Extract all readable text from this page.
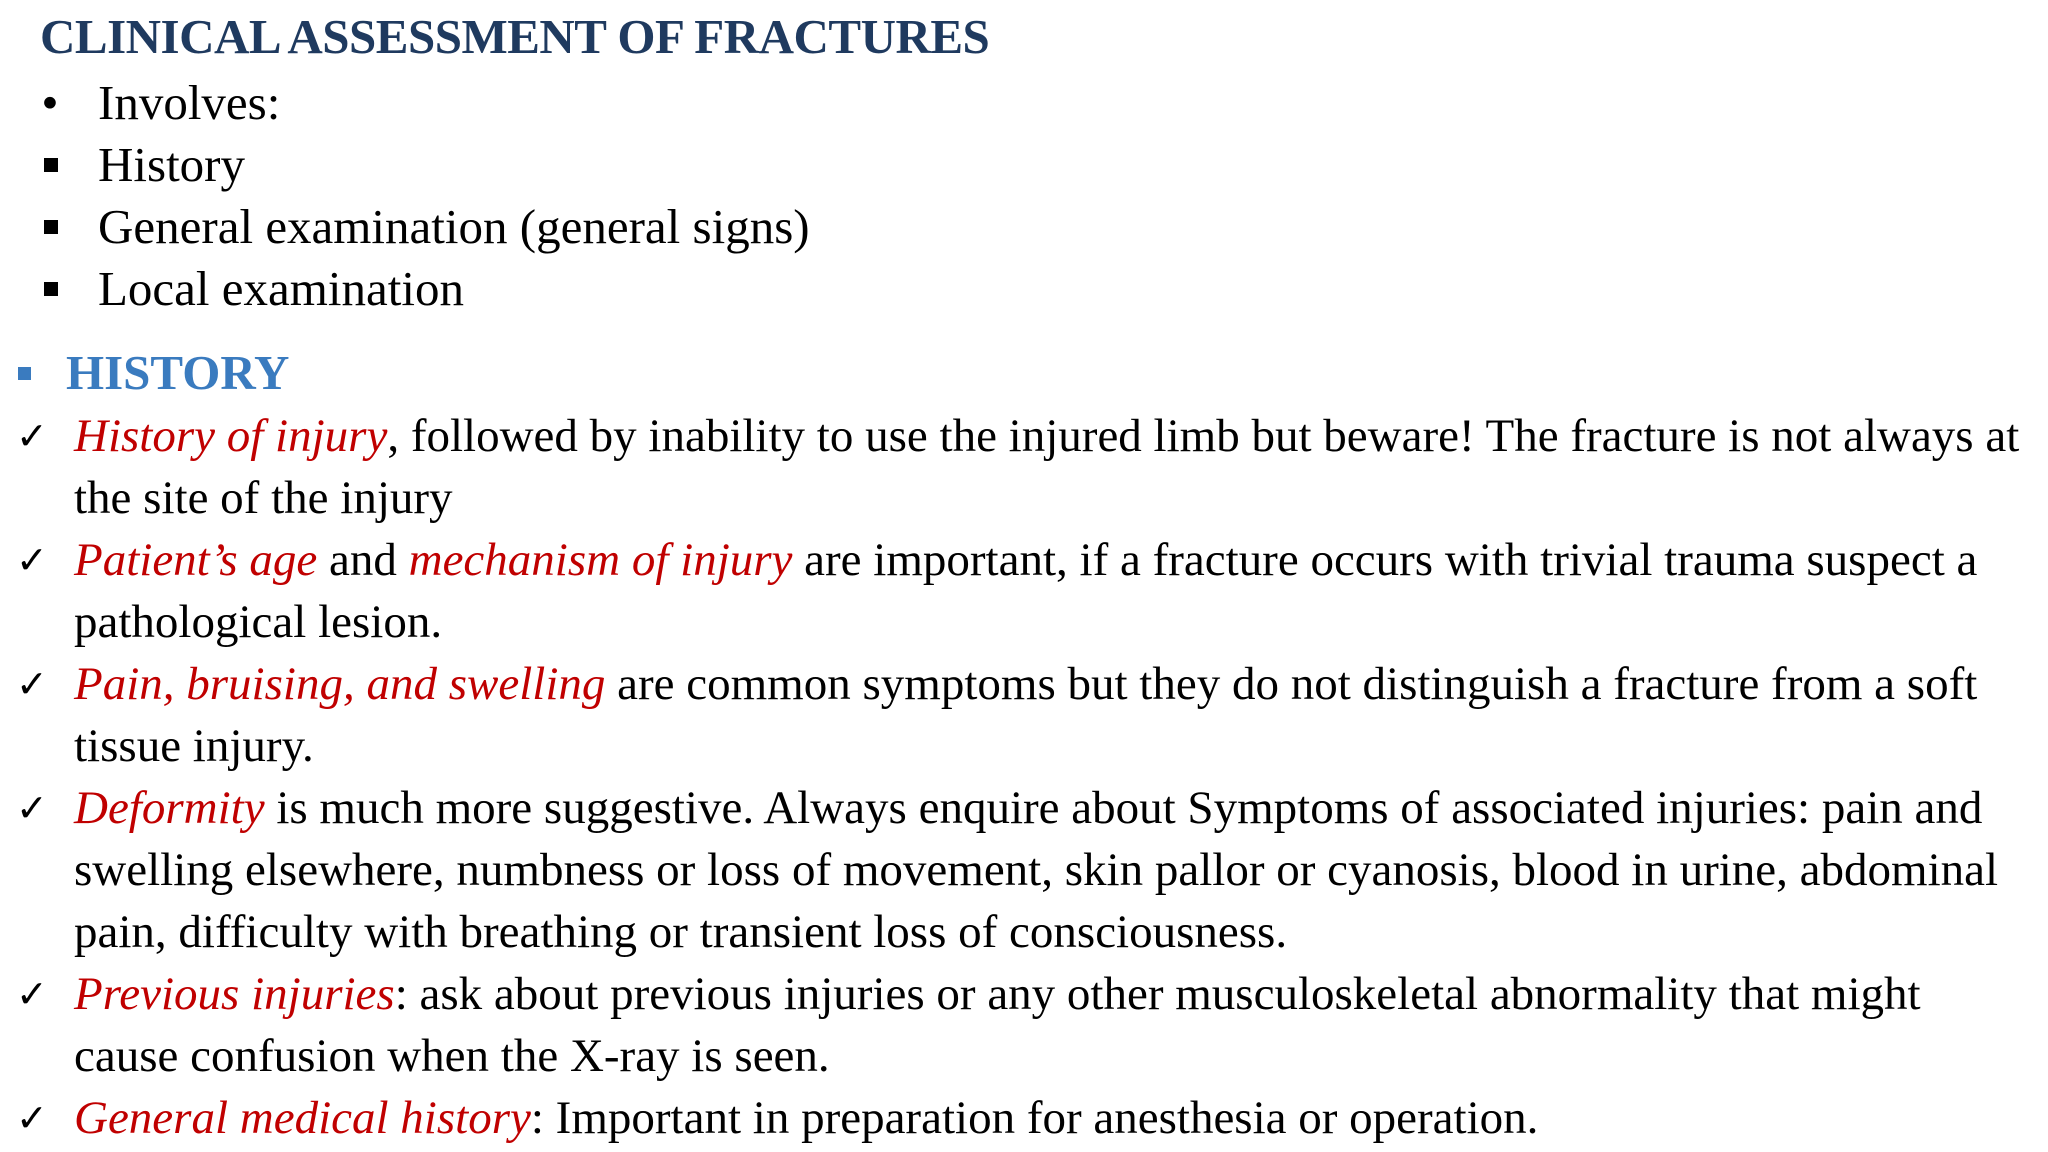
CLINICAL ASSESSMENT OF FRACTURES
• Involves:
History
General examination (general signs)
Local examination
HISTORY
✓ History of injury, followed by inability to use the injured limb but beware! The fracture is not always at the site of the injury
✓ Patient’s age and mechanism of injury are important, if a fracture occurs with trivial trauma suspect a pathological lesion.
✓ Pain, bruising, and swelling are common symptoms but they do not distinguish a fracture from a soft tissue injury.
✓ Deformity is much more suggestive. Always enquire about Symptoms of associated injuries: pain and swelling elsewhere, numbness or loss of movement, skin pallor or cyanosis, blood in urine, abdominal pain, difficulty with breathing or transient loss of consciousness.
✓ Previous injuries: ask about previous injuries or any other musculoskeletal abnormality that might cause confusion when the X-ray is seen.
✓ General medical history: Important in preparation for anesthesia or operation.
